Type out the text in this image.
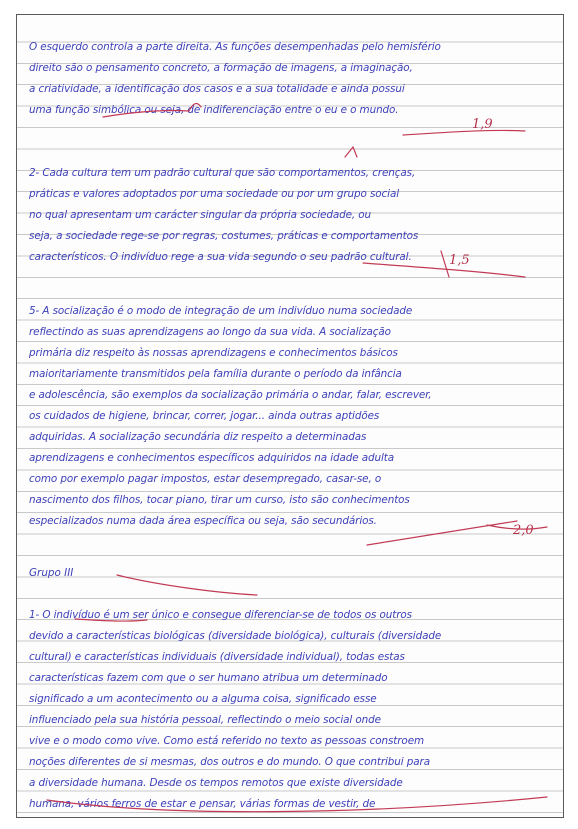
O esquerdo controla a parte direita. As funções desempenhadas pelo hemisfério
direito são o pensamento concreto, a formação de imagens, a imaginação,
a criatividade, a identificação dos casos e a sua totalidade e ainda possui
uma função simbólica ou seja, de indiferenciação entre o eu e o mundo.
1,9
2- Cada cultura tem um padrão cultural que são comportamentos, crenças,
práticas e valores adoptados por uma sociedade ou por um grupo social
no qual apresentam um carácter singular da própria sociedade, ou
seja, a sociedade rege-se por regras, costumes, práticas e comportamentos
característicos. O indivíduo rege a sua vida segundo o seu padrão cultural.	1,5
5- A socialização é o modo de integração de um indivíduo numa sociedade
reflectindo as suas aprendizagens ao longo da sua vida. A socialização
primária diz respeito às nossas aprendizagens e conhecimentos básicos
maioritariamente transmitidos pela família durante o período da infância
e adolescência, são exemplos da socialização primária o andar, falar, escrever,
os cuidados de higiene, brincar, correr, jogar... ainda outras aptidões
adquiridas. A socialização secundária diz respeito a determinadas
aprendizagens e conhecimentos específicos adquiridos na idade adulta
como por exemplo pagar impostos, estar desempregado, casar-se, o
nascimento dos filhos, tocar piano, tirar um curso, isto são conhecimentos
especializados numa dada área específica ou seja, são secundários.
2,0
Grupo III
1- O indivíduo é um ser único e consegue diferenciar-se de todos os outros
devido a características biológicas (diversidade biológica), culturais (diversidade
cultural) e características individuais (diversidade individual), todas estas
características fazem com que o ser humano atribua um determinado
significado a um acontecimento ou a alguma coisa, significado esse
influenciado pela sua história pessoal, reflectindo o meio social onde
vive e o modo como vive. Como está referido no texto as pessoas constroem
noções diferentes de si mesmas, dos outros e do mundo. O que contribui para
a diversidade humana. Desde os tempos remotos que existe diversidade
humana, vários ferros de estar e pensar, várias formas de vestir, de
